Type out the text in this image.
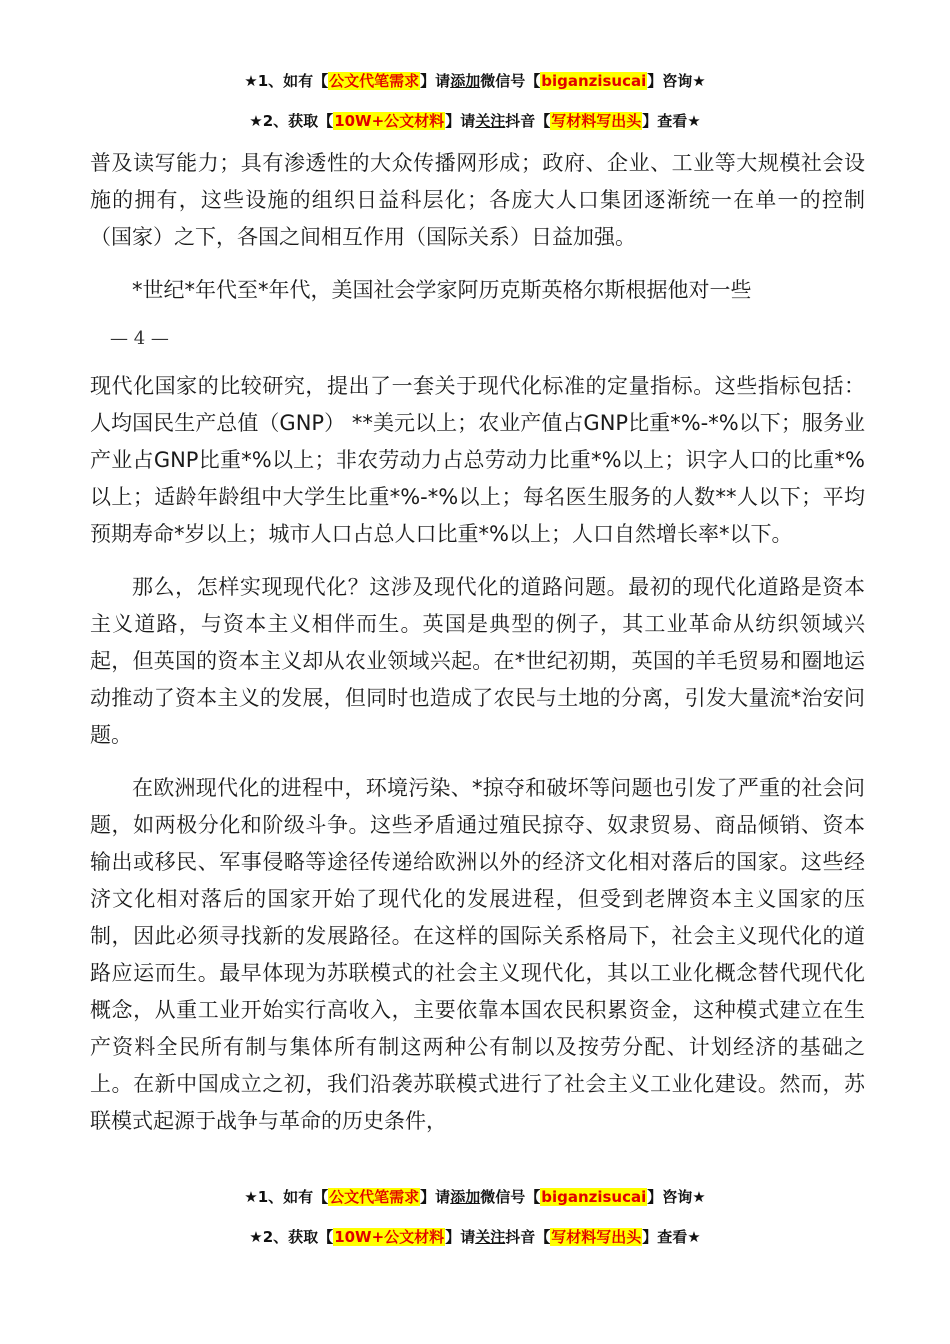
★1、如有【公文代笔需求】请添加微信号【biganzisucai】咨询★
★2、获取【10W+公文材料】请关注抖音【写材料写出头】查看★

普及读写能力；具有渗透性的大众传播网形成；政府、企业、工业等大规模社会设施的拥有，这些设施的组织日益科层化；各庞大人口集团逐渐统一在单一的控制（国家）之下，各国之间相互作用（国际关系）日益加强。

*世纪*年代至*年代，美国社会学家阿历克斯英格尔斯根据他对一些

— 4 —

现代化国家的比较研究，提出了一套关于现代化标准的定量指标。这些指标包括：人均国民生产总值（GNP） **美元以上；农业产值占GNP比重*%-*%以下；服务业产业占GNP比重*%以上；非农劳动力占总劳动力比重*%以上；识字人口的比重*%以上；适龄年龄组中大学生比重*%-*%以上；每名医生服务的人数**人以下；平均预期寿命*岁以上；城市人口占总人口比重*%以上；人口自然增长率*以下。

那么，怎样实现现代化？这涉及现代化的道路问题。最初的现代化道路是资本主义道路，与资本主义相伴而生。英国是典型的例子，其工业革命从纺织领域兴起，但英国的资本主义却从农业领域兴起。在*世纪初期，英国的羊毛贸易和圈地运动推动了资本主义的发展，但同时也造成了农民与土地的分离，引发大量流*治安问题。

在欧洲现代化的进程中，环境污染、*掠夺和破坏等问题也引发了严重的社会问题，如两极分化和阶级斗争。这些矛盾通过殖民掠夺、奴隶贸易、商品倾销、资本输出或移民、军事侵略等途径传递给欧洲以外的经济文化相对落后的国家。这些经济文化相对落后的国家开始了现代化的发展进程，但受到老牌资本主义国家的压制，因此必须寻找新的发展路径。在这样的国际关系格局下，社会主义现代化的道路应运而生。最早体现为苏联模式的社会主义现代化，其以工业化概念替代现代化概念，从重工业开始实行高收入，主要依靠本国农民积累资金，这种模式建立在生产资料全民所有制与集体所有制这两种公有制以及按劳分配、计划经济的基础之上。在新中国成立之初，我们沿袭苏联模式进行了社会主义工业化建设。然而，苏联模式起源于战争与革命的历史条件，

★1、如有【公文代笔需求】请添加微信号【biganzisucai】咨询★
★2、获取【10W+公文材料】请关注抖音【写材料写出头】查看★
